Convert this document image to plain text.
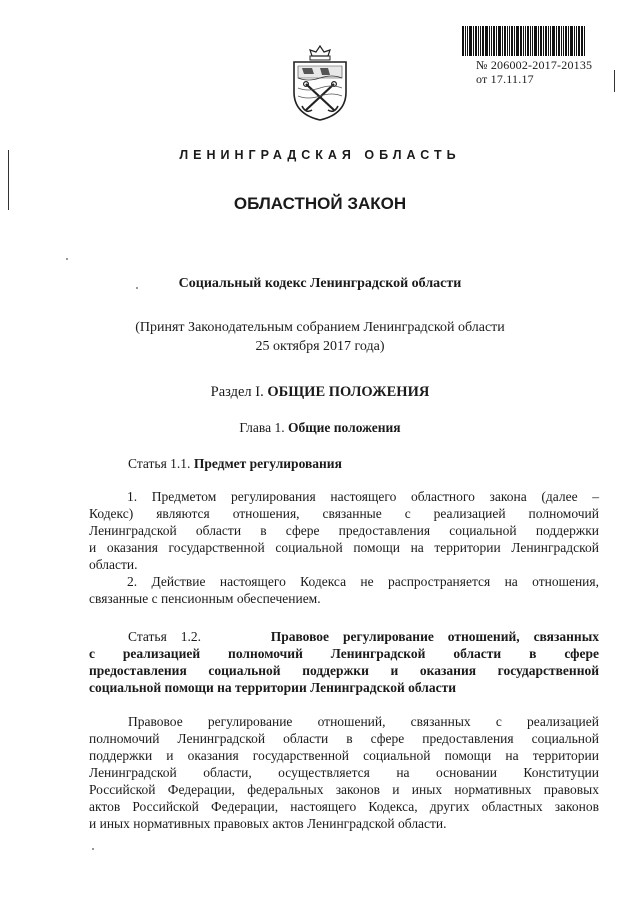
№ 206002-2017-20135
от 17.11.17
ЛЕНИНГРАДСКАЯ ОБЛАСТЬ
ОБЛАСТНОЙ ЗАКОН
Социальный кодекс Ленинградской области
(Принят Законодательным собранием Ленинградской области
25 октября 2017 года)
Раздел I. ОБЩИЕ ПОЛОЖЕНИЯ
Глава 1. Общие положения
Статья 1.1. Предмет регулирования
1. Предметом регулирования настоящего областного закона (далее –
Кодекс) являются отношения, связанные с реализацией полномочий
Ленинградской области в сфере предоставления социальной поддержки
и оказания государственной социальной помощи на территории Ленинградской
области.
2. Действие настоящего Кодекса не распространяется на отношения,
связанные с пенсионным обеспечением.
Статья 1.2.	Правовое регулирование отношений, связанных
с реализацией полномочий Ленинградской области в сфере
предоставления социальной поддержки и оказания государственной
социальной помощи на территории Ленинградской области
Правовое регулирование отношений, связанных с реализацией
полномочий Ленинградской области в сфере предоставления социальной
поддержки и оказания государственной социальной помощи на территории
Ленинградской области, осуществляется на основании Конституции
Российской Федерации, федеральных законов и иных нормативных правовых
актов Российской Федерации, настоящего Кодекса, других областных законов
и иных нормативных правовых актов Ленинградской области.
